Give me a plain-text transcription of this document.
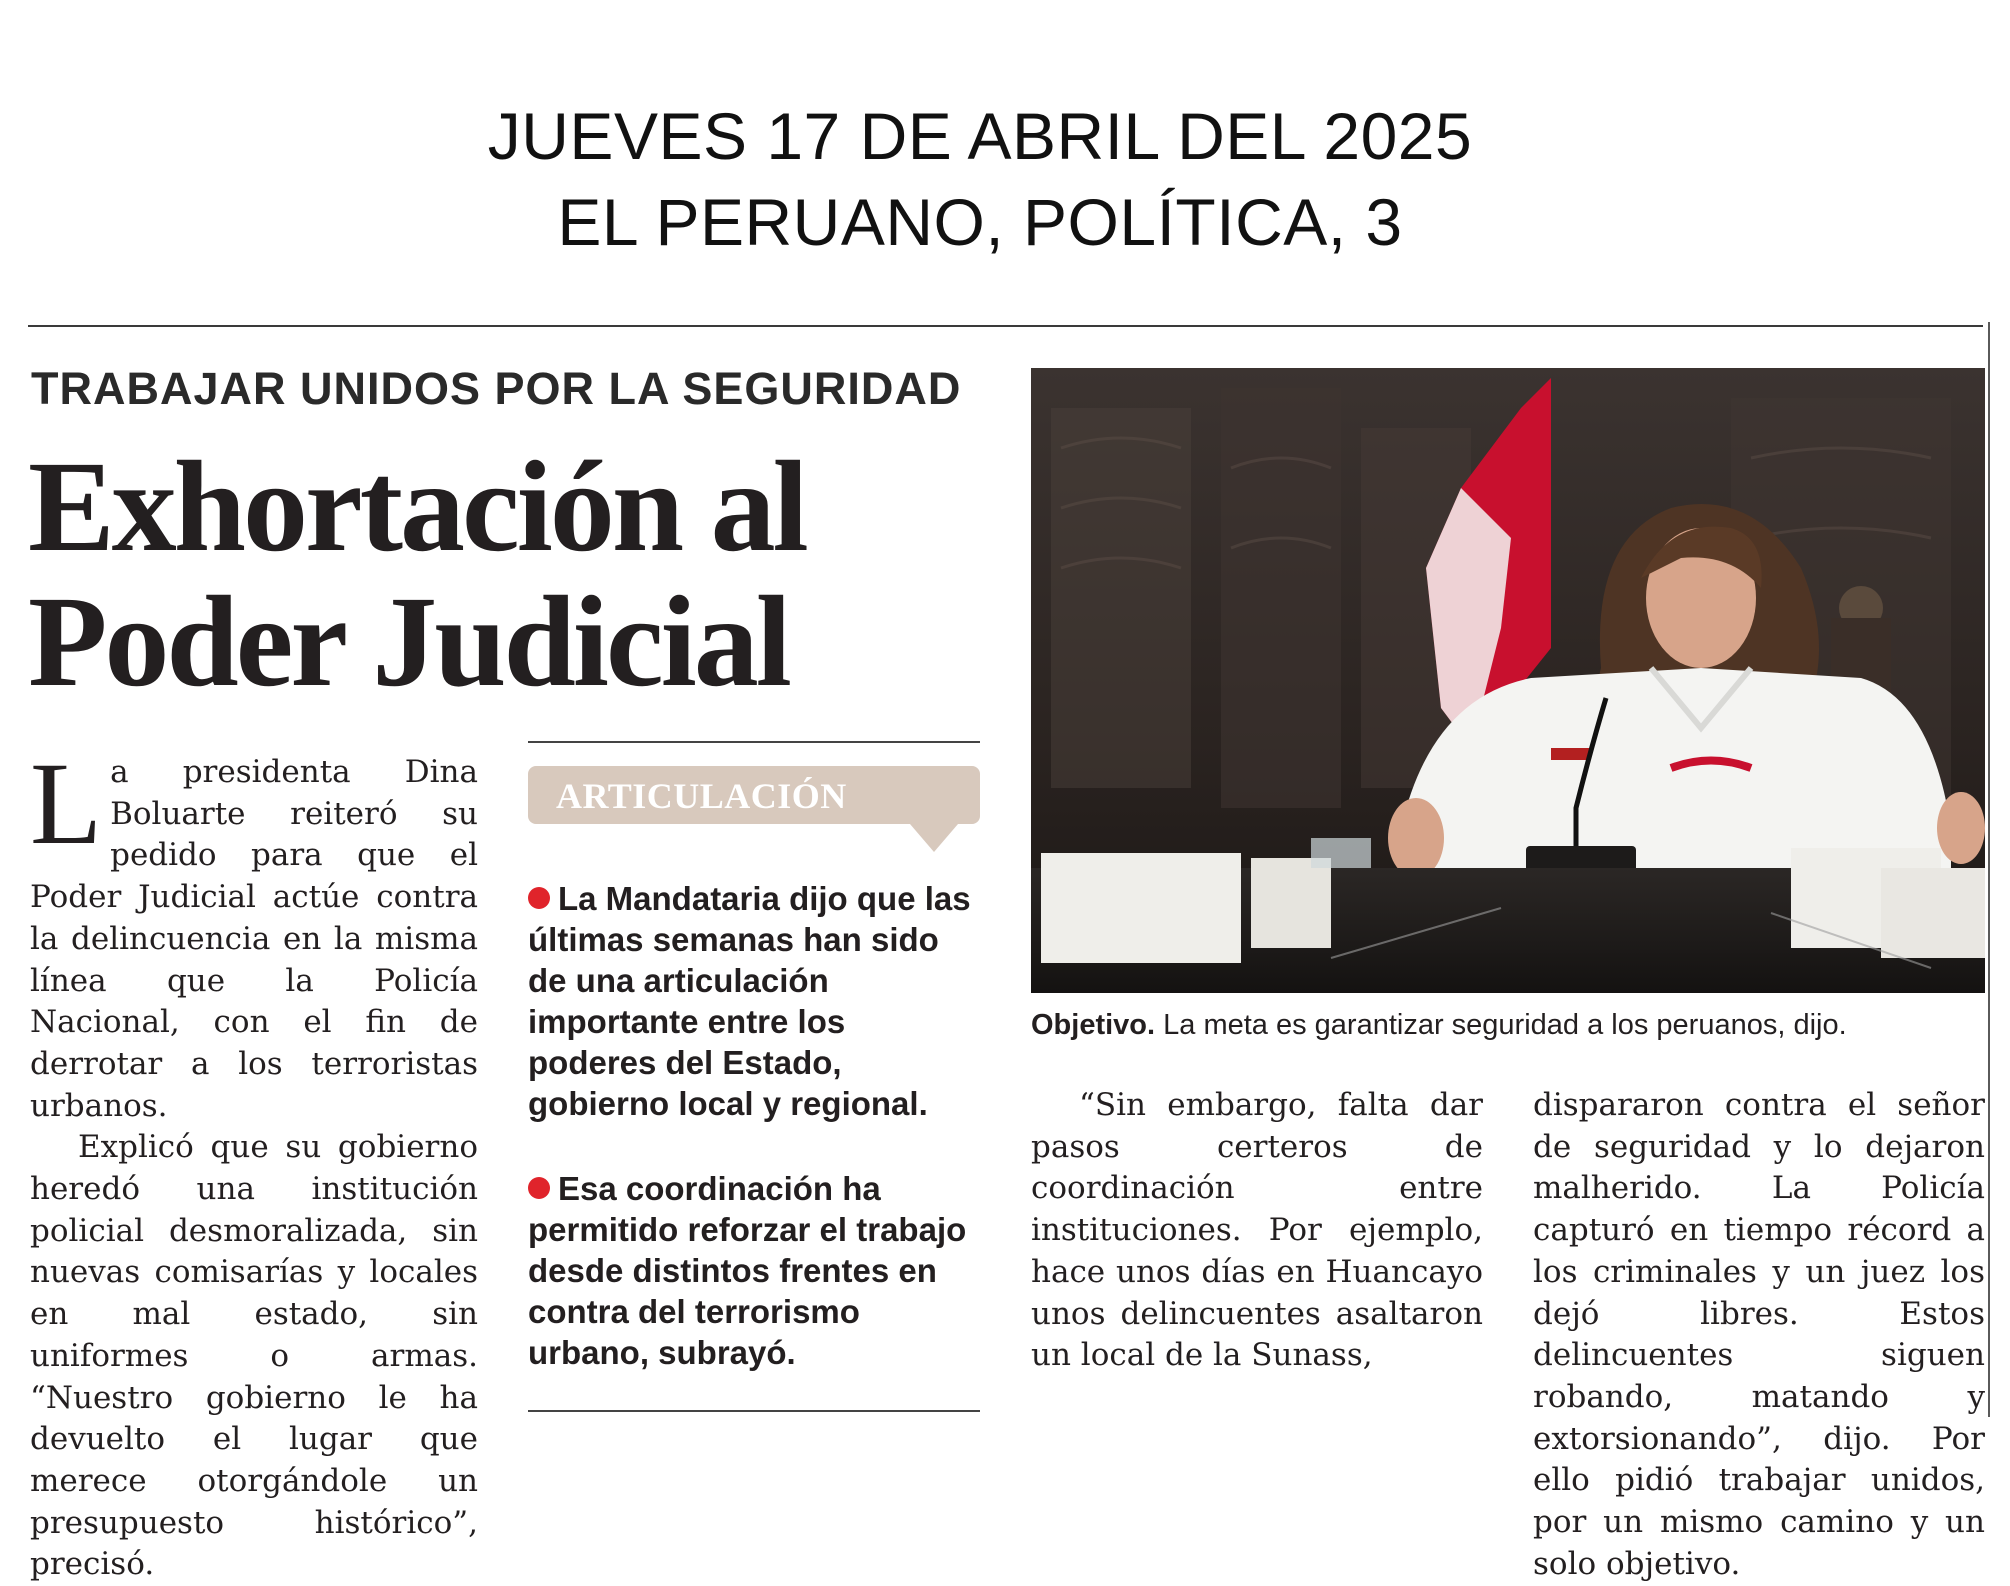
JUEVES 17 DE ABRIL DEL 2025
EL PERUANO, POLÍTICA, 3
TRABAJAR UNIDOS POR LA SEGURIDAD
Exhortación al
Poder Judicial

La presidenta Dina Boluarte reiteró su pedido para que el Poder Judicial actúe contra la delincuencia en la misma línea que la Policía Nacional, con el fin de derrotar a los terroristas urbanos.

Explicó que su gobierno heredó una institución policial desmoralizada, sin nuevas comisarías y locales en mal estado, sin uniformes o armas. “Nuestro gobierno le ha devuelto el lugar que merece otorgándole un presupuesto histórico”, precisó.

ARTICULACIÓN
La Mandataria dijo que las últimas semanas han sido de una articulación importante entre los poderes del Estado, gobierno local y regional.
Esa coordinación ha permitido reforzar el trabajo desde distintos frentes en contra del terrorismo urbano, subrayó.
Objetivo. La meta es garantizar seguridad a los peruanos, dijo.

“Sin embargo, falta dar pasos certeros de coordinación entre instituciones. Por ejemplo, hace unos días en Huancayo unos delincuentes asaltaron un local de la Sunass,

dispararon contra el señor de seguridad y lo dejaron malherido. La Policía capturó en tiempo récord a los criminales y un juez los dejó libres. Estos delincuentes siguen robando, matando y extorsionando”, dijo. Por ello pidió trabajar unidos, por un mismo camino y un solo objetivo.
